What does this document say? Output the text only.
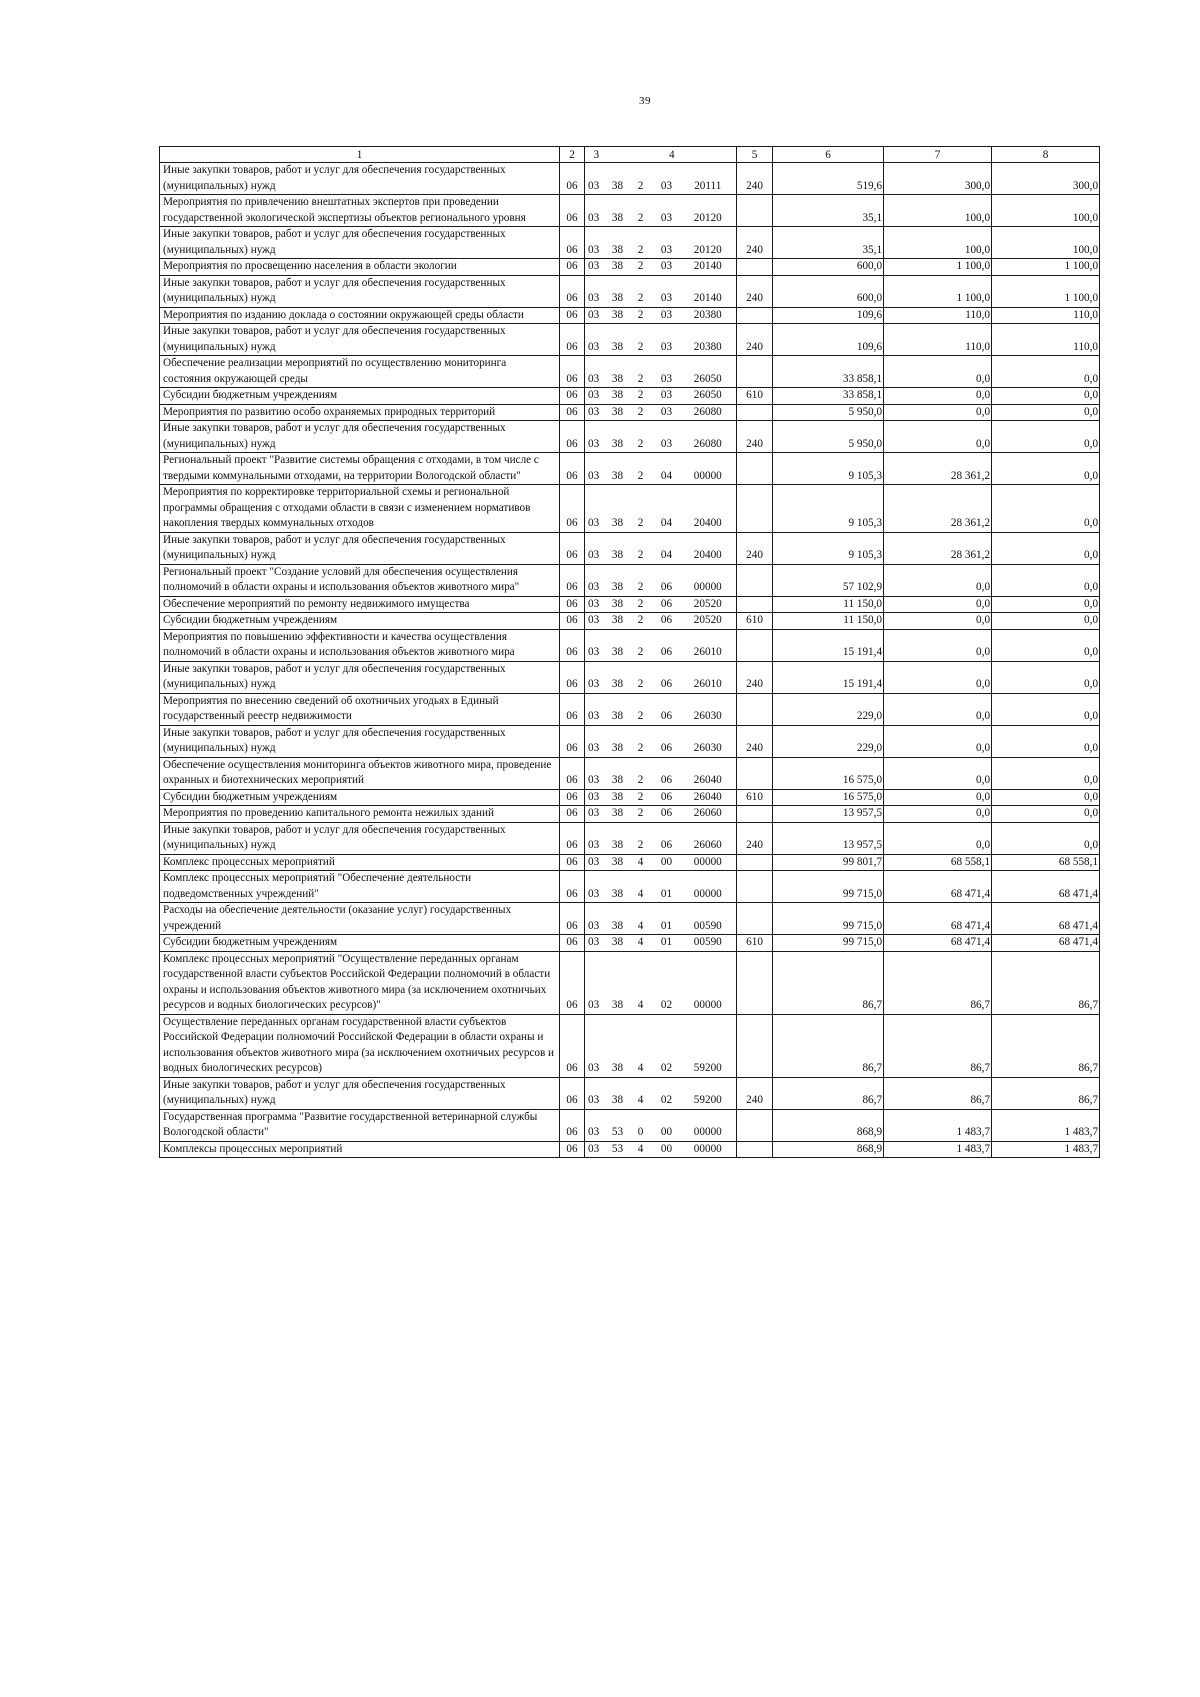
39
1	2	3	4				5	6	7	8
Иные закупки товаров, работ и услуг для обеспечения государственных (муниципальных) нужд	06	03	38	2	03	20111	240	519,6	300,0	300,0
Мероприятия по привлечению внештатных экспертов при проведении государственной экологической экспертизы объектов регионального уровня	06	03	38	2	03	20120		35,1	100,0	100,0
Иные закупки товаров, работ и услуг для обеспечения государственных (муниципальных) нужд	06	03	38	2	03	20120	240	35,1	100,0	100,0
Мероприятия по просвещению населения в области экологии	06	03	38	2	03	20140		600,0	1 100,0	1 100,0
Иные закупки товаров, работ и услуг для обеспечения государственных (муниципальных) нужд	06	03	38	2	03	20140	240	600,0	1 100,0	1 100,0
Мероприятия по изданию доклада о состоянии окружающей среды области	06	03	38	2	03	20380		109,6	110,0	110,0
Иные закупки товаров, работ и услуг для обеспечения государственных (муниципальных) нужд	06	03	38	2	03	20380	240	109,6	110,0	110,0
Обеспечение реализации мероприятий по осуществлению мониторинга состояния окружающей среды	06	03	38	2	03	26050		33 858,1	0,0	0,0
Субсидии бюджетным учреждениям	06	03	38	2	03	26050	610	33 858,1	0,0	0,0
Мероприятия по развитию особо охраняемых природных территорий	06	03	38	2	03	26080		5 950,0	0,0	0,0
Иные закупки товаров, работ и услуг для обеспечения государственных (муниципальных) нужд	06	03	38	2	03	26080	240	5 950,0	0,0	0,0
Региональный проект "Развитие системы обращения с отходами, в том числе с твердыми коммунальными отходами, на территории Вологодской области"	06	03	38	2	04	00000		9 105,3	28 361,2	0,0
Мероприятия по корректировке территориальной схемы и региональной программы обращения с отходами области в связи с изменением нормативов накопления твердых коммунальных отходов	06	03	38	2	04	20400		9 105,3	28 361,2	0,0
Иные закупки товаров, работ и услуг для обеспечения государственных (муниципальных) нужд	06	03	38	2	04	20400	240	9 105,3	28 361,2	0,0
Региональный проект "Создание условий для обеспечения осуществления полномочий в области охраны и использования объектов животного мира"	06	03	38	2	06	00000		57 102,9	0,0	0,0
Обеспечение мероприятий по ремонту недвижимого имущества	06	03	38	2	06	20520		11 150,0	0,0	0,0
Субсидии бюджетным учреждениям	06	03	38	2	06	20520	610	11 150,0	0,0	0,0
Мероприятия по повышению эффективности и качества осуществления полномочий в области охраны и использования объектов животного мира	06	03	38	2	06	26010		15 191,4	0,0	0,0
Иные закупки товаров, работ и услуг для обеспечения государственных (муниципальных) нужд	06	03	38	2	06	26010	240	15 191,4	0,0	0,0
Мероприятия по внесению сведений об охотничьих угодьях в Единый государственный реестр недвижимости	06	03	38	2	06	26030		229,0	0,0	0,0
Иные закупки товаров, работ и услуг для обеспечения государственных (муниципальных) нужд	06	03	38	2	06	26030	240	229,0	0,0	0,0
Обеспечение осуществления мониторинга объектов животного мира, проведение охранных и биотехнических мероприятий	06	03	38	2	06	26040		16 575,0	0,0	0,0
Субсидии бюджетным учреждениям	06	03	38	2	06	26040	610	16 575,0	0,0	0,0
Мероприятия по проведению капитального ремонта нежилых зданий	06	03	38	2	06	26060		13 957,5	0,0	0,0
Иные закупки товаров, работ и услуг для обеспечения государственных (муниципальных) нужд	06	03	38	2	06	26060	240	13 957,5	0,0	0,0
Комплекс процессных мероприятий	06	03	38	4	00	00000		99 801,7	68 558,1	68 558,1
Комплекс процессных мероприятий "Обеспечение деятельности подведомственных учреждений"	06	03	38	4	01	00000		99 715,0	68 471,4	68 471,4
Расходы на обеспечение деятельности (оказание услуг) государственных учреждений	06	03	38	4	01	00590		99 715,0	68 471,4	68 471,4
Субсидии бюджетным учреждениям	06	03	38	4	01	00590	610	99 715,0	68 471,4	68 471,4
Комплекс процессных мероприятий "Осуществление переданных органам государственной власти субъектов Российской Федерации полномочий в области охраны и использования объектов животного мира (за исключением охотничьих ресурсов и водных биологических ресурсов)"	06	03	38	4	02	00000		86,7	86,7	86,7
Осуществление переданных органам государственной власти субъектов Российской Федерации полномочий Российской Федерации в области охраны и использования объектов животного мира (за исключением охотничьих ресурсов и водных биологических ресурсов)	06	03	38	4	02	59200		86,7	86,7	86,7
Иные закупки товаров, работ и услуг для обеспечения государственных (муниципальных) нужд	06	03	38	4	02	59200	240	86,7	86,7	86,7
Государственная программа "Развитие государственной ветеринарной службы Вологодской области"	06	03	53	0	00	00000		868,9	1 483,7	1 483,7
Комплексы процессных мероприятий	06	03	53	4	00	00000		868,9	1 483,7	1 483,7
